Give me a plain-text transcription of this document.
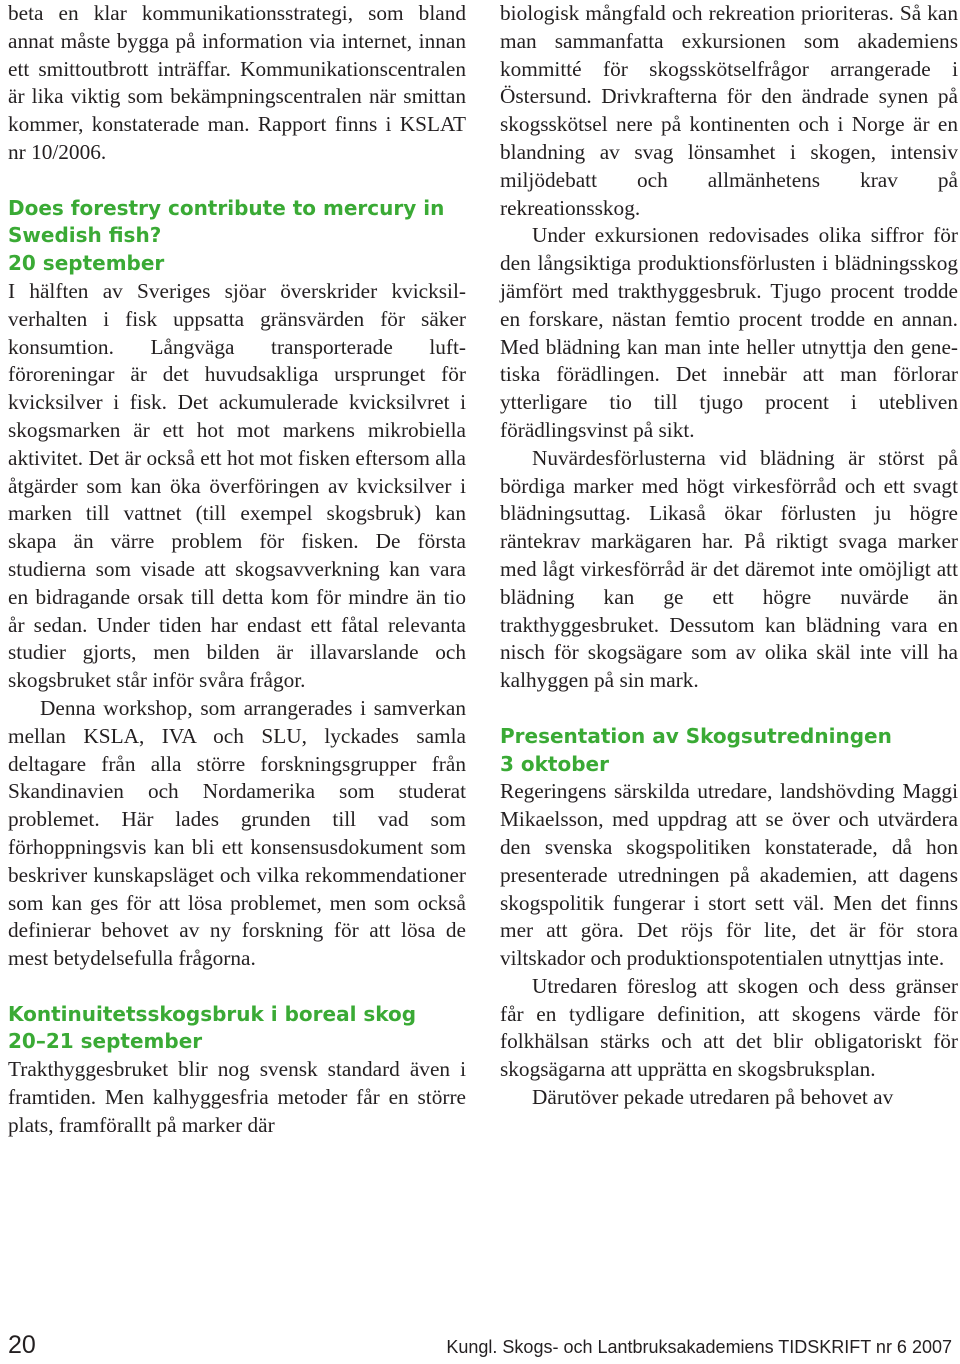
beta en klar kommunikationsstrategi, som bland annat måste bygga på information via internet, innan ett smittoutbrott inträffar. Kommunikationscentralen är lika viktig som bekämpningscentralen när smittan kommer, konstaterade man. Rapport finns i KSLAT nr 10/2006.

Does forestry contribute to mercury in Swedish fish?
20 september

I hälften av Sveriges sjöar överskrider kvicksilverhalten i fisk uppsatta gränsvärden för säker konsumtion. Långväga transporterade luftföroreningar är det huvudsakliga ursprunget för kvicksilver i fisk. Det ackumulerade kvicksilvret i skogsmarken är ett hot mot markens mikrobiella aktivitet. Det är också ett hot mot fisken eftersom alla åtgärder som kan öka överföringen av kvicksilver i marken till vattnet (till exempel skogsbruk) kan skapa än värre problem för fisken. De första studierna som visade att skogsavverkning kan vara en bidragande orsak till detta kom för mindre än tio år sedan. Under tiden har endast ett fåtal relevanta studier gjorts, men bilden är illavarslande och skogsbruket står inför svåra frågor.

Denna workshop, som arrangerades i samverkan mellan KSLA, IVA och SLU, lyckades samla deltagare från alla större forskningsgrupper från Skandinavien och Nordamerika som studerat problemet. Här lades grunden till vad som förhoppningsvis kan bli ett konsensusdokument som beskriver kunskapsläget och vilka rekommendationer som kan ges för att lösa problemet, men som också definierar behovet av ny forskning för att lösa de mest betydelsefulla frågorna.

Kontinuitetsskogsbruk i boreal skog
20–21 september

Trakthyggesbruket blir nog svensk standard även i framtiden. Men kalhyggesfria metoder får en större plats, framförallt på marker där

biologisk mångfald och rekreation prioriteras. Så kan man sammanfatta exkursionen som akademiens kommitté för skogsskötselfrågor arrangerade i Östersund. Drivkrafterna för den ändrade synen på skogsskötsel nere på kontinenten och i Norge är en blandning av svag lönsamhet i skogen, intensiv miljödebatt och allmänhetens krav på rekreationsskog.

Under exkursionen redovisades olika siffror för den långsiktiga produktionsförlusten i blädningsskog jämfört med trakthyggesbruk. Tjugo procent trodde en forskare, nästan femtio procent trodde en annan. Med blädning kan man inte heller utnyttja den genetiska förädlingen. Det innebär att man förlorar ytterligare tio till tjugo procent i utebliven förädlingsvinst på sikt.

Nuvärdesförlusterna vid blädning är störst på bördiga marker med högt virkesförråd och ett svagt blädningsuttag. Likaså ökar förlusten ju högre räntekrav markägaren har. På riktigt svaga marker med lågt virkesförråd är det däremot inte omöjligt att blädning kan ge ett högre nuvärde än trakthyggesbruket. Dessutom kan blädning vara en nisch för skogsägare som av olika skäl inte vill ha kalhyggen på sin mark.

Presentation av Skogsutredningen
3 oktober

Regeringens särskilda utredare, landshövding Maggi Mikaelsson, med uppdrag att se över och utvärdera den svenska skogspolitiken konstaterade, då hon presenterade utredningen på akademien, att dagens skogspolitik fungerar i stort sett väl. Men det finns mer att göra. Det röjs för lite, det är för stora viltskador och produktionspotentialen utnyttjas inte.

Utredaren föreslog att skogen och dess gränser får en tydligare definition, att skogens värde för folkhälsan stärks och att det blir obligatoriskt för skogsägarna att upprätta en skogsbruksplan.

Därutöver pekade utredaren på behovet av

20	Kungl. Skogs- och Lantbruksakademiens TIDSKRIFT nr 6 2007
